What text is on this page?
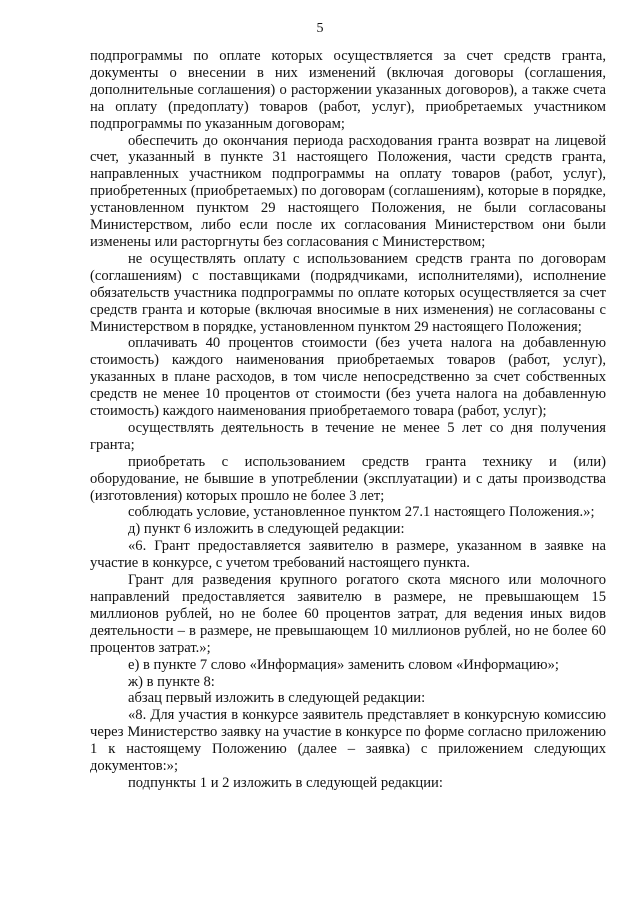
5

подпрограммы по оплате которых осуществляется за счет средств гранта, документы о внесении в них изменений (включая договоры (соглашения, дополнительные соглашения) о расторжении указанных договоров), а также счета на оплату (предоплату) товаров (работ, услуг), приобретаемых участником подпрограммы по указанным договорам;

обеспечить до окончания периода расходования гранта возврат на лицевой счет, указанный в пункте 31 настоящего Положения, части средств гранта, направленных участником подпрограммы на оплату товаров (работ, услуг), приобретенных (приобретаемых) по договорам (соглашениям), которые в порядке, установленном пунктом 29 настоящего Положения, не были согласованы Министерством, либо если после их согласования Министерством они были изменены или расторгнуты без согласования с Министерством;

не осуществлять оплату с использованием средств гранта по договорам (соглашениям) с поставщиками (подрядчиками, исполнителями), исполнение обязательств участника подпрограммы по оплате которых осуществляется за счет средств гранта и которые (включая вносимые в них изменения) не согласованы с Министерством в порядке, установленном пунктом 29 настоящего Положения;

оплачивать 40 процентов стоимости (без учета налога на добавленную стоимость) каждого наименования приобретаемых товаров (работ, услуг), указанных в плане расходов, в том числе непосредственно за счет собственных средств не менее 10 процентов от стоимости (без учета налога на добавленную стоимость) каждого наименования приобретаемого товара (работ, услуг);

осуществлять деятельность в течение не менее 5 лет со дня получения гранта;

приобретать с использованием средств гранта технику и (или) оборудование, не бывшие в употреблении (эксплуатации) и с даты производства (изготовления) которых прошло не более 3 лет;

соблюдать условие, установленное пунктом 27.1 настоящего Положения.»;

д) пункт 6 изложить в следующей редакции:

«6. Грант предоставляется заявителю в размере, указанном в заявке на участие в конкурсе, с учетом требований настоящего пункта.

Грант для разведения крупного рогатого скота мясного или молочного направлений предоставляется заявителю в размере, не превышающем 15 миллионов рублей, но не более 60 процентов затрат, для ведения иных видов деятельности – в размере, не превышающем 10 миллионов рублей, но не более 60 процентов затрат.»;

е) в пункте 7 слово «Информация» заменить словом «Информацию»;

ж) в пункте 8:

абзац первый изложить в следующей редакции:

«8. Для участия в конкурсе заявитель представляет в конкурсную комиссию через Министерство заявку на участие в конкурсе по форме согласно приложению 1 к настоящему Положению (далее – заявка) с приложением следующих документов:»;

подпункты 1 и 2 изложить в следующей редакции:
